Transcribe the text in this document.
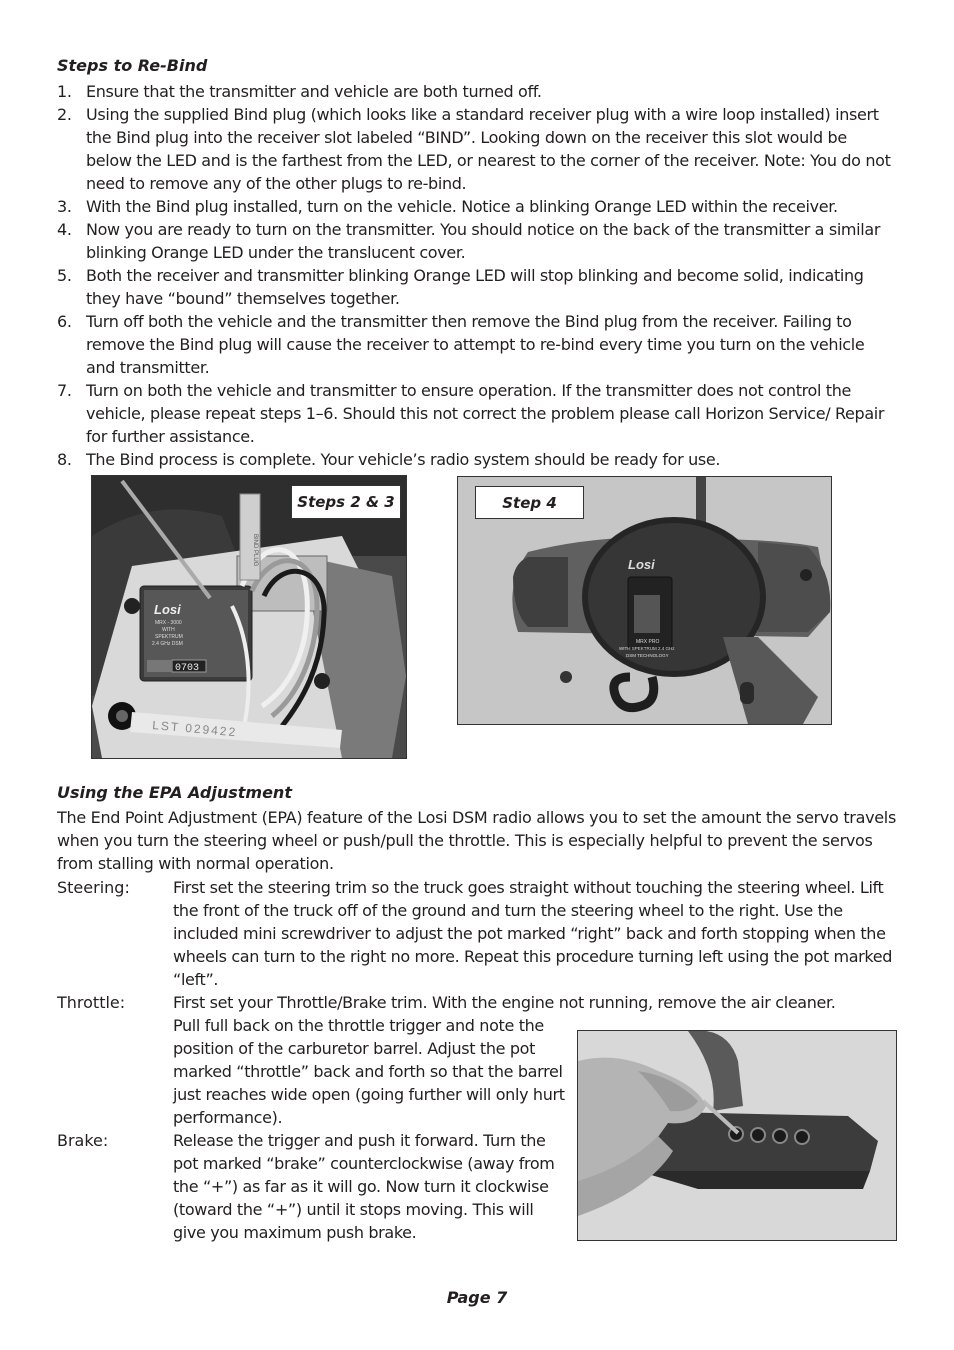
Steps to Re-Bind
1. Ensure that the transmitter and vehicle are both turned off.
2. Using the supplied Bind plug (which looks like a standard receiver plug with a wire loop installed) insert the Bind plug into the receiver slot labeled “BIND”. Looking down on the receiver this slot would be below the LED and is the farthest from the LED, or nearest to the corner of the receiver. Note: You do not need to remove any of the other plugs to re-bind.
3. With the Bind plug installed, turn on the vehicle. Notice a blinking Orange LED within the receiver.
4. Now you are ready to turn on the transmitter. You should notice on the back of the transmitter a similar blinking Orange LED under the translucent cover.
5. Both the receiver and transmitter blinking Orange LED will stop blinking and become solid, indicating they have “bound” themselves together.
6. Turn off both the vehicle and the transmitter then remove the Bind plug from the receiver. Failing to remove the Bind plug will cause the receiver to attempt to re-bind every time you turn on the vehicle and transmitter.
7. Turn on both the vehicle and transmitter to ensure operation. If the transmitter does not control the vehicle, please repeat steps 1–6. Should this not correct the problem please call Horizon Service/ Repair for further assistance.
8. The Bind process is complete. Your vehicle’s radio system should be ready for use.
Losi
MRX - 3000
WITH
SPEKTRUM
2.4 GHz DSM
0703
BIND PLUG
LST 029422
Steps 2 & 3
Losi
MRX PRO
WITH SPEKTRUM 2.4 GHz
DSM TECHNOLOGY
Step 4
Using the EPA Adjustment

The End Point Adjustment (EPA) feature of the Losi DSM radio allows you to set the amount the servo travels when you turn the steering wheel or push/pull the throttle. This is especially helpful to prevent the servos from stalling with normal operation.

Steering:	First set the steering trim so the truck goes straight without touching the steering wheel. Lift the front of the truck off of the ground and turn the steering wheel to the right. Use the included mini screwdriver to adjust the pot marked “right” back and forth stopping when the wheels can turn to the right no more. Repeat this procedure turning left using the pot marked “left”.

Throttle:	First set your Throttle/Brake trim. With the engine not running, remove the air cleaner.

Pull full back on the throttle trigger and note the position of the carburetor barrel. Adjust the pot marked “throttle” back and forth so that the barrel just reaches wide open (going further will only hurt performance).

Brake:	Release the trigger and push it forward. Turn the pot marked “brake” counterclockwise (away from the “+”) as far as it will go. Now turn it clockwise (toward the “+”) until it stops moving. This will give you maximum push brake.

Page 7
